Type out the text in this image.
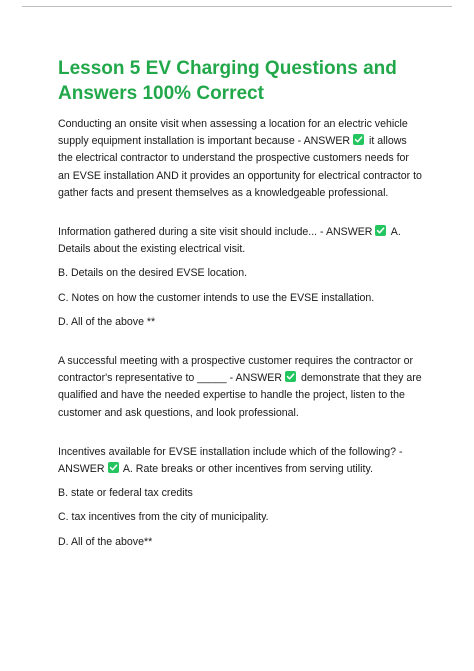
Lesson 5 EV Charging Questions and Answers 100% Correct

Conducting an onsite visit when assessing a location for an electric vehicle supply equipment installation is important because - ANSWER
it allows the electrical contractor to understand the prospective customers needs for an EVSE installation AND it provides an opportunity for electrical contractor to gather facts and present themselves as a knowledgeable professional.

Information gathered during a site visit should include... - ANSWER
A. Details about the existing electrical visit.

B. Details on the desired EVSE location.

C. Notes on how the customer intends to use the EVSE installation.

D. All of the above **

A successful meeting with a prospective customer requires the contractor or contractor's representative to _____ - ANSWER
demonstrate that they are qualified and have the needed expertise to handle the project, listen to the customer and ask questions, and look professional.

Incentives available for EVSE installation include which of the following? - ANSWER
A. Rate breaks or other incentives from serving utility.

B. state or federal tax credits

C. tax incentives from the city of municipality.

D. All of the above**
